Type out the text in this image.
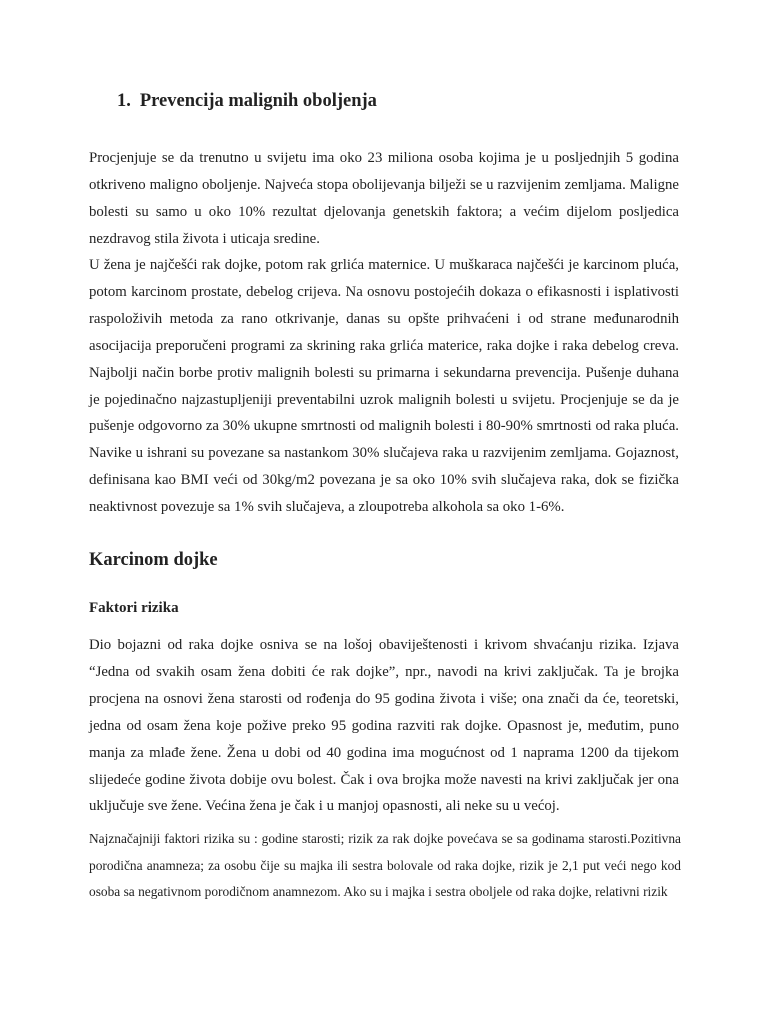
1. Prevencija malignih oboljenja

Procjenjuje se da trenutno u svijetu ima oko 23 miliona osoba kojima je u posljednjih 5 godina otkriveno maligno oboljenje. Najveća stopa obolijevanja bilježi se u razvijenim zemljama. Maligne bolesti su samo u oko 10% rezultat djelovanja genetskih faktora; a većim dijelom posljedica nezdravog stila života i uticaja sredine.

U žena je najčešći rak dojke, potom rak grlića maternice. U muškaraca najčešći je karcinom pluća, potom karcinom prostate, debelog crijeva. Na osnovu postojećih dokaza o efikasnosti i isplativosti raspoloživih metoda za rano otkrivanje, danas su opšte prihvaćeni i od strane međunarodnih asocijacija preporučeni programi za skrining raka grlića materice, raka dojke i raka debelog creva. Najbolji način borbe protiv malignih bolesti su primarna i sekundarna prevencija. Pušenje duhana je pojedinačno najzastupljeniji preventabilni uzrok malignih bolesti u svijetu. Procjenjuje se da je pušenje odgovorno za 30% ukupne smrtnosti od malignih bolesti i 80-90% smrtnosti od raka pluća. Navike u ishrani su povezane sa nastankom 30% slučajeva raka u razvijenim zemljama. Gojaznost, definisana kao BMI veći od 30kg/m2 povezana je sa oko 10% svih slučajeva raka, dok se fizička neaktivnost povezuje sa 1% svih slučajeva, a zloupotreba alkohola sa oko 1-6%.

Karcinom dojke
Faktori rizika

Dio bojazni od raka dojke osniva se na lošoj obaviještenosti i krivom shvaćanju rizika. Izjava “Jedna od svakih osam žena dobiti će rak dojke”, npr., navodi na krivi zaključak. Ta je brojka procjena na osnovi žena starosti od rođenja do 95 godina života i više; ona znači da će, teoretski, jedna od osam žena koje požive preko 95 godina razviti rak dojke. Opasnost je, međutim, puno manja za mlađe žene. Žena u dobi od 40 godina ima mogućnost od 1 naprama 1200 da tijekom slijedeće godine života dobije ovu bolest. Čak i ova brojka može navesti na krivi zaključak jer ona uključuje sve žene. Većina žena je čak i u manjoj opasnosti, ali neke su u većoj.

Najznačajniji faktori rizika su : godine starosti; rizik za rak dojke povećava se sa godinama starosti.Pozitivna porodična anamneza; za osobu čije su majka ili sestra bolovale od raka dojke, rizik je 2,1 put veći nego kod osoba sa negativnom porodičnom anamnezom. Ako su i majka i sestra oboljele od raka dojke, relativni rizik
